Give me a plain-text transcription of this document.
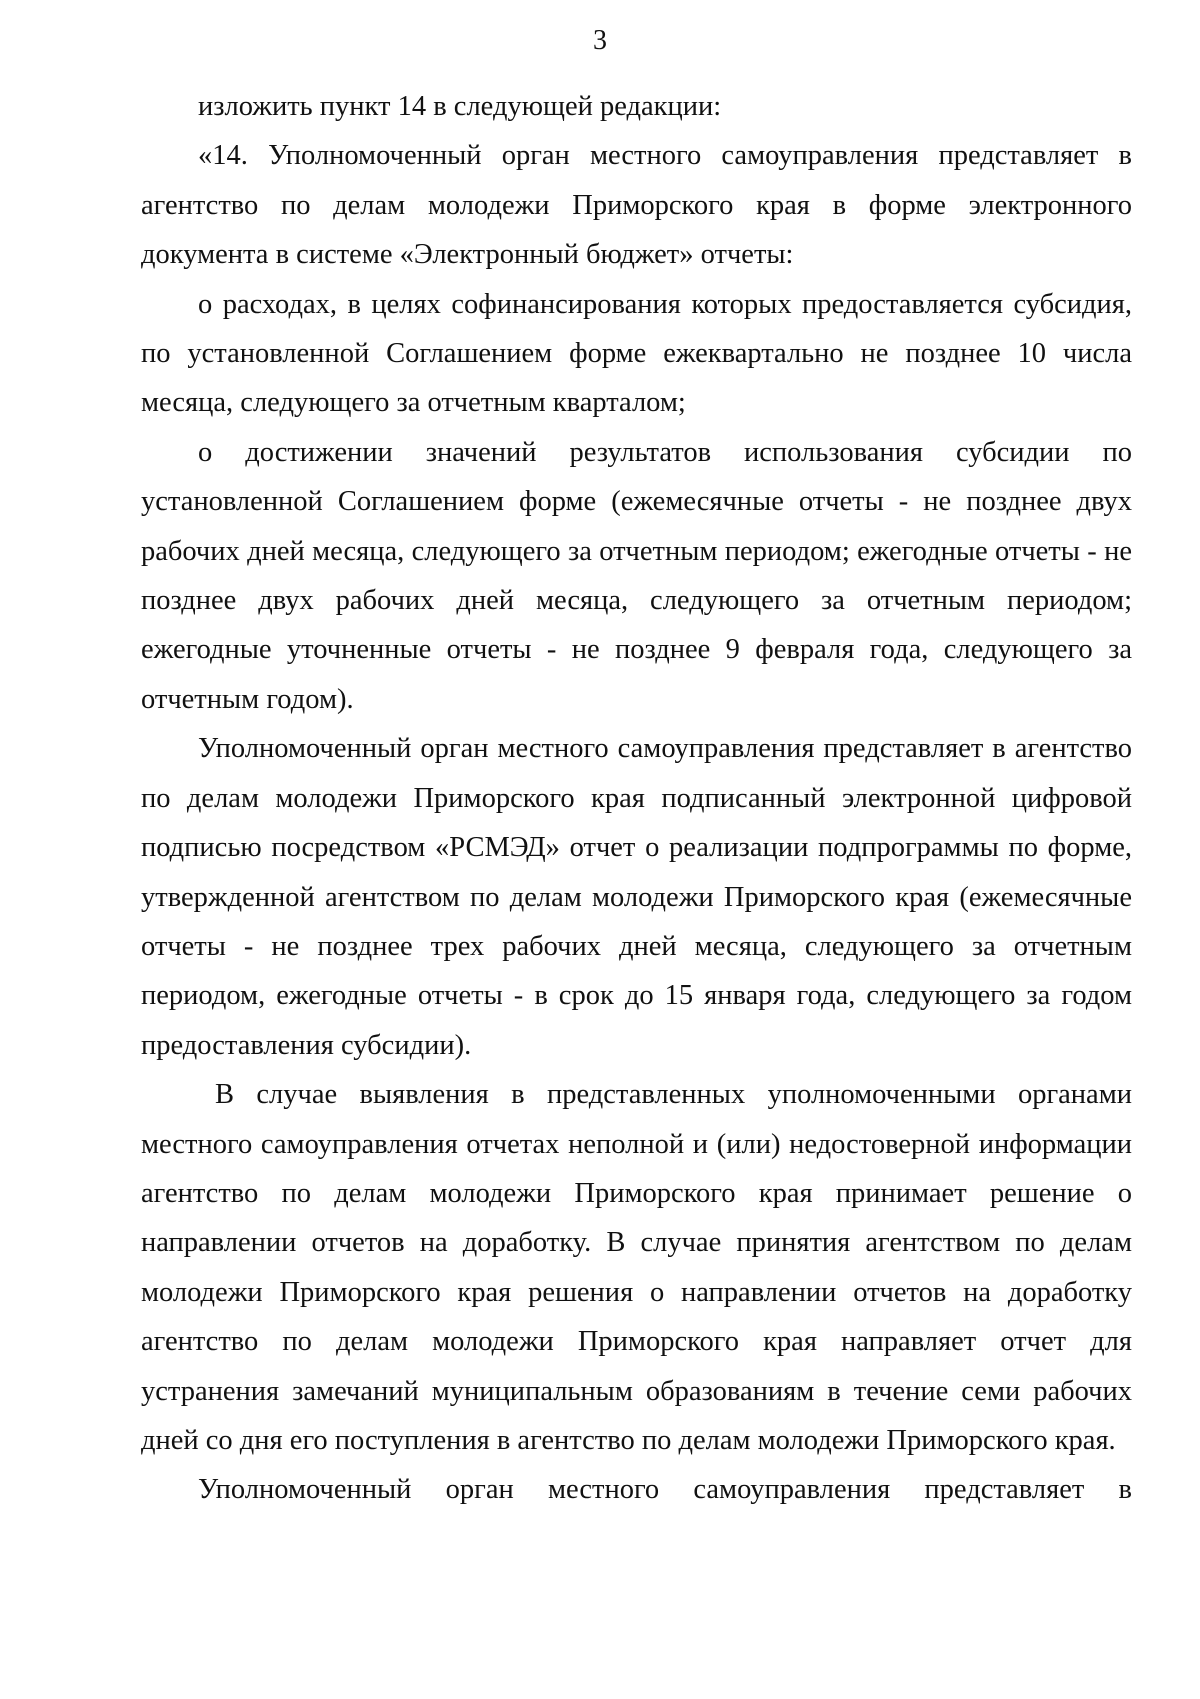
3

изложить пункт 14 в следующей редакции:

«14. Уполномоченный орган местного самоуправления представляет в агентство по делам молодежи Приморского края в форме электронного документа в системе «Электронный бюджет» отчеты:

о расходах, в целях софинансирования которых предоставляется субсидия, по установленной Соглашением форме ежеквартально не позднее 10 числа месяца, следующего за отчетным кварталом;

о достижении значений результатов использования субсидии по установленной Соглашением форме (ежемесячные отчеты - не позднее двух рабочих дней месяца, следующего за отчетным периодом; ежегодные отчеты - не позднее двух рабочих дней месяца, следующего за отчетным периодом; ежегодные уточненные отчеты - не позднее 9 февраля года, следующего за отчетным годом).

Уполномоченный орган местного самоуправления представляет в агентство по делам молодежи Приморского края подписанный электронной цифровой подписью посредством «РСМЭД» отчет о реализации подпрограммы по форме, утвержденной агентством по делам молодежи Приморского края (ежемесячные отчеты - не позднее трех рабочих дней месяца, следующего за отчетным периодом, ежегодные отчеты - в срок до 15 января года, следующего за годом предоставления субсидии).

В случае выявления в представленных уполномоченными органами местного самоуправления отчетах неполной и (или) недостоверной информации агентство по делам молодежи Приморского края принимает решение о направлении отчетов на доработку. В случае принятия агентством по делам молодежи Приморского края решения о направлении отчетов на доработку агентство по делам молодежи Приморского края направляет отчет для устранения замечаний муниципальным образованиям в течение семи рабочих дней со дня его поступления в агентство по делам молодежи Приморского края.

Уполномоченный орган местного самоуправления представляет в
